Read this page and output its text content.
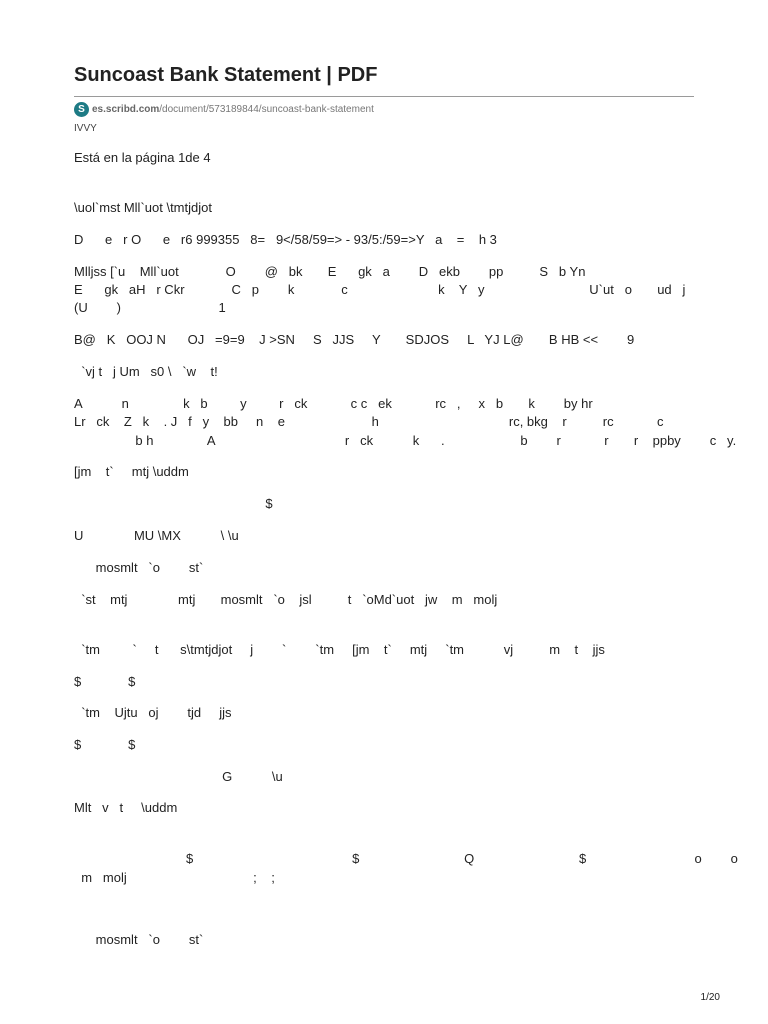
Suncoast Bank Statement | PDF
S es.scribd.com/document/573189844/suncoast-bank-statement
IVVY
Está en la página 1de 4
\uol`mst Mll`uot \tmtjdjot
D      e   r O      e   r6 999355   8=   9</58/59=> - 93/5:/59=>Y   a    =    h 3
Mlljss [`u    Mll`uot             O        @   bk       E      gk   a        D   ekb        pp          S   b Yn
E      gk   aH   r Ckr             C   p        k             c                         k    Y   y                             U`ut   o       ud   j
(U        )                           1
B@   K   OOJ N      OJ   =9=9    J >SN     S   JJS     Y       SDJOS     L   YJ L@       B HB <<        9
`vj t   j Um   s0 \   `w    t!
A           n               k   b         y         r   ck            c c   ek            rc   ,     x   b       k        by hr
Lr   ck    Z   k    . J   f   y    bb     n    e                        h                                    rc, bkg    r          rc            c
b h               A                                    r   ck           k      .                     b        r            r       r    ppby        c   y.
[jm    t`     mtj \uddm
$
U              MU \MX           \ \u
mosmlt   `o        st`
`st    mtj              mtj       mosmlt   `o    jsl          t   `oMd`uot   jw    m   molj
`tm         `     t      s\tmtjdjot     j        `        `tm     [jm    t`     mtj     `tm           vj          m    t    jjs
$             $
`tm    Ujtu   oj        tjd     jjs
$             $
G           \u
Mlt   v   t     \uddm
$                                            $                             Q                             $                              o        o
m   molj                                   ;    ;
mosmlt   `o        st`
1/20
